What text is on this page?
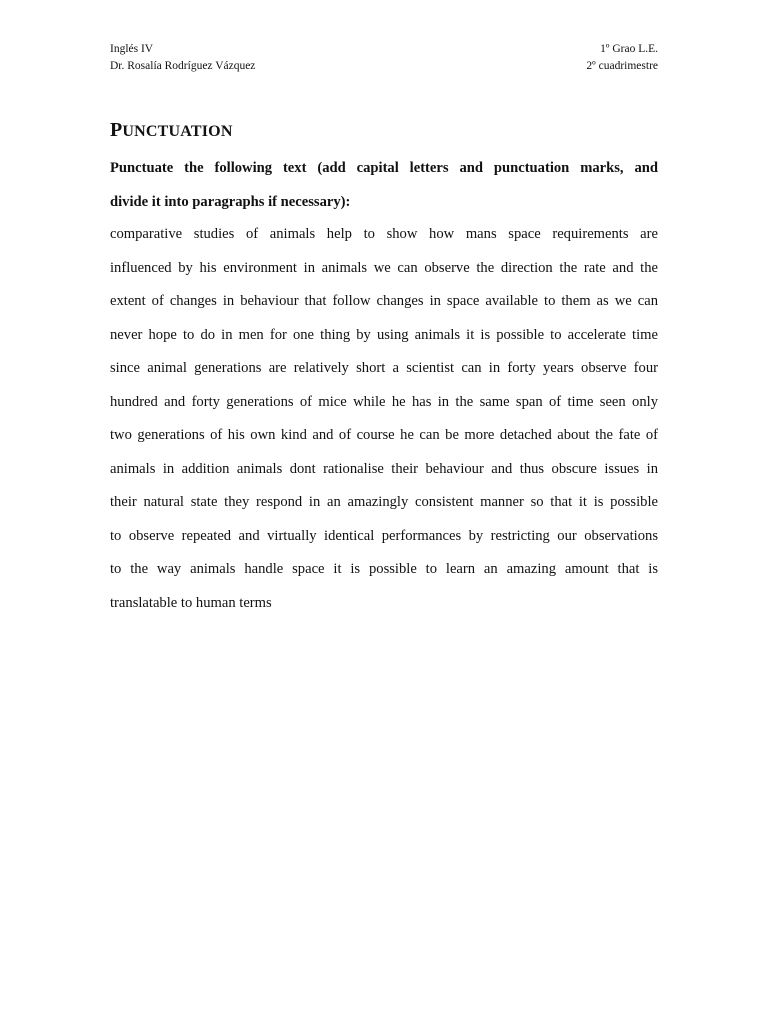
Inglés IV	1º Grao L.E.
Dr. Rosalía Rodríguez Vázquez	2º cuadrimestre
PUNCTUATION
Punctuate the following text (add capital letters and punctuation marks, and
divide it into paragraphs if necessary):
comparative studies of animals help to show how mans space requirements are
influenced by his environment in animals we can observe the direction the rate and the
extent of changes in behaviour that follow changes in space available to them as we can
never hope to do in men for one thing by using animals it is possible to accelerate time
since animal generations are relatively short a scientist can in forty years observe four
hundred and forty generations of mice while he has in the same span of time seen only
two generations of his own kind and of course he can be more detached about the fate of
animals in addition animals dont rationalise their behaviour and thus obscure issues in
their natural state they respond in an amazingly consistent manner so that it is possible
to observe repeated and virtually identical performances by restricting our observations
to the way animals handle space it is possible to learn an amazing amount that is
translatable to human terms
